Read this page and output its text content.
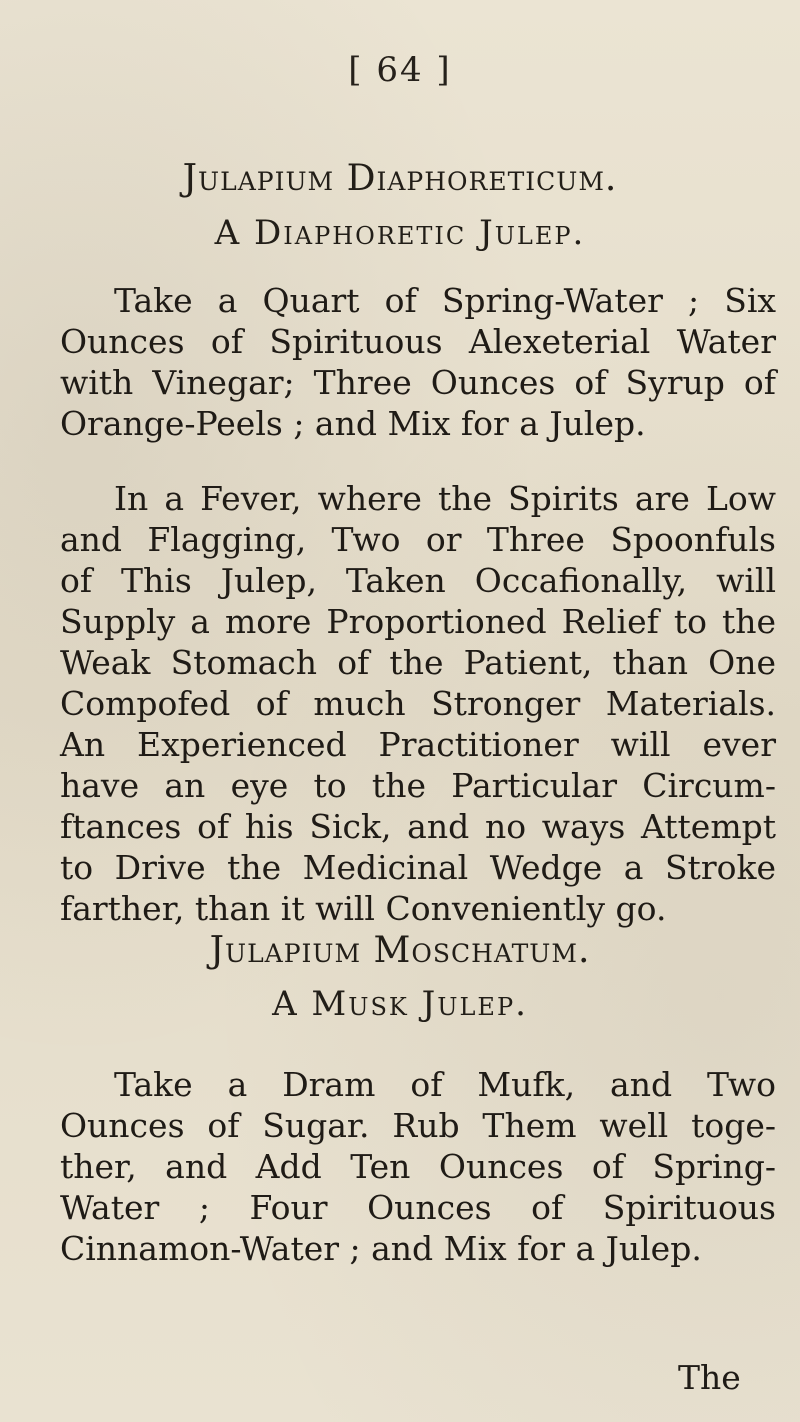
[ 64 ]
Julapium Diaphoreticum.
A Diaphoretic Julep.
Take a Quart of Spring-Water ; Six
Ounces of Spirituous Alexeterial Water
with Vinegar; Three Ounces of Syrup of
Orange-Peels ; and Mix for a Julep.
In a Fever, where the Spirits are Low
and Flagging, Two or Three Spoonfuls
of This Julep, Taken Occafionally, will
Supply a more Proportioned Relief to the
Weak Stomach of the Patient, than One
Compofed of much Stronger Materials.
An Experienced Practitioner will ever
have an eye to the Particular Circum-
ftances of his Sick, and no ways Attempt
to Drive the Medicinal Wedge a Stroke
farther, than it will Conveniently go.
Julapium Moschatum.
A Musk Julep.
Take a Dram of Mufk, and Two
Ounces of Sugar. Rub Them well toge-
ther, and Add Ten Ounces of Spring-
Water ; Four Ounces of Spirituous
Cinnamon-Water ; and Mix for a Julep.
The
